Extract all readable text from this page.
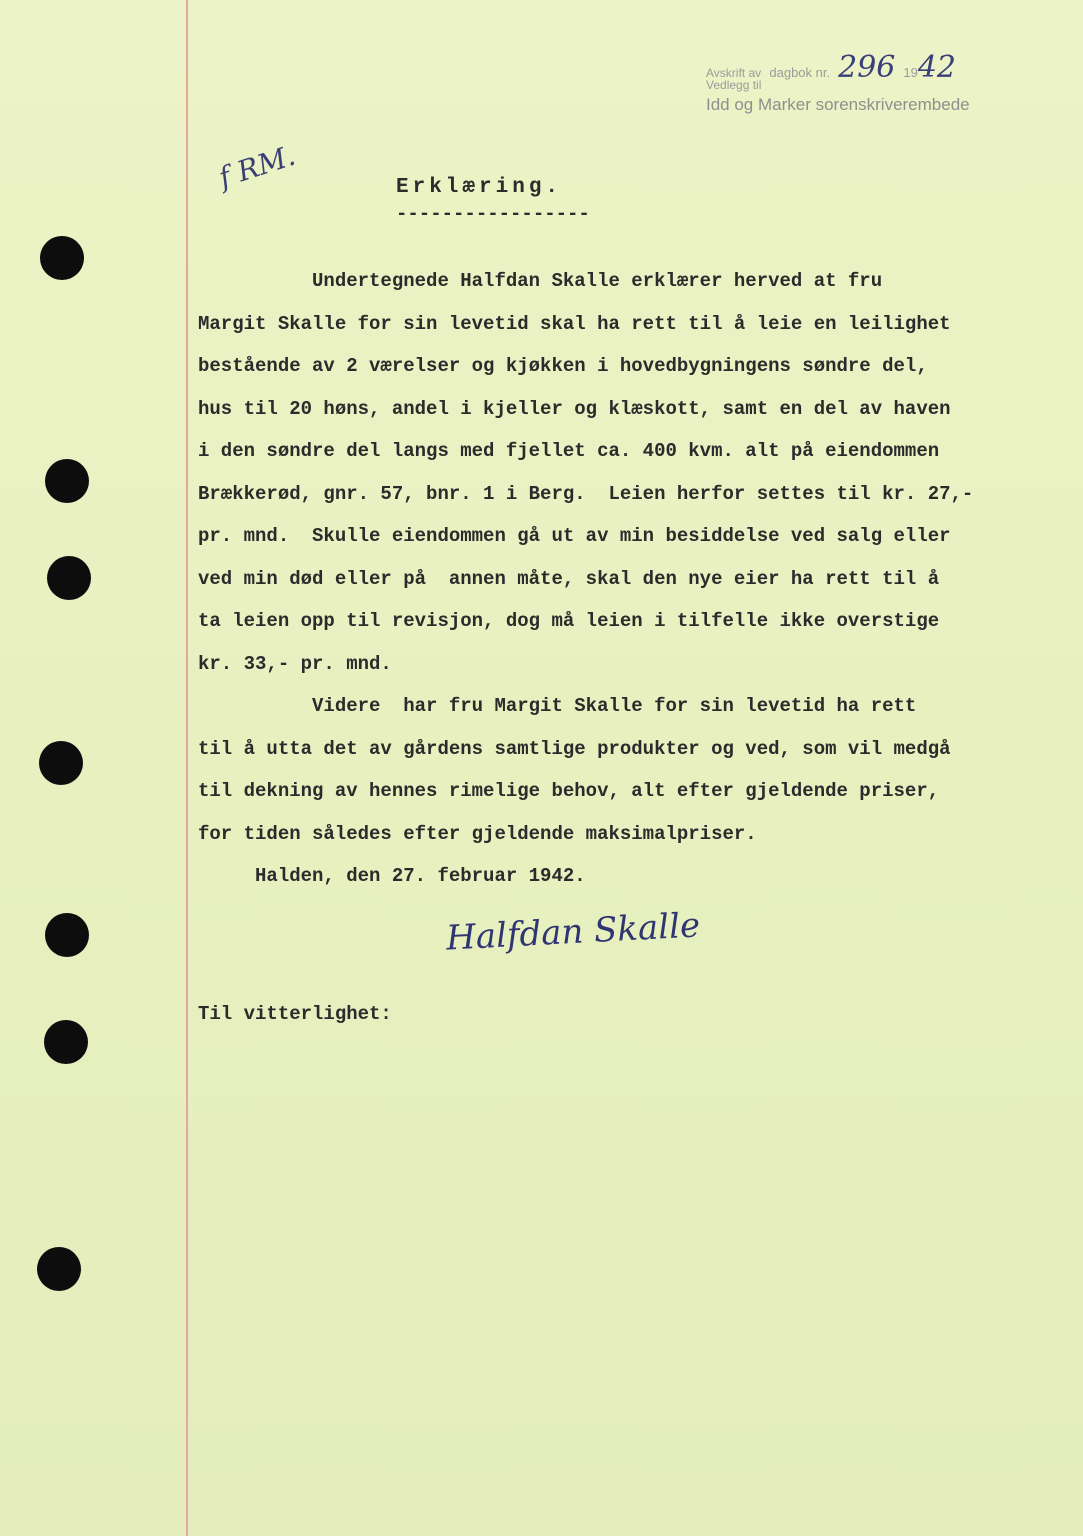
Avskrift av
Vedlegg til
dagbok nr. 296 19 42
Idd og Marker sorenskriverembede
f RM.	Erklæring.
-----------------

Undertegnede Halfdan Skalle erklærer herved at fru

Margit Skalle for sin levetid skal ha rett til å leie en leilighet

bestående av 2 værelser og kjøkken i hovedbygningens søndre del,

hus til 20 høns, andel i kjeller og klæskott, samt en del av haven

i den søndre del langs med fjellet ca. 400 kvm. alt på eiendommen

Brækkerød, gnr. 57, bnr. 1 i Berg.  Leien herfor settes til kr. 27,-

pr. mnd.  Skulle eiendommen gå ut av min besiddelse ved salg eller

ved min død eller på  annen måte, skal den nye eier ha rett til å

ta leien opp til revisjon, dog må leien i tilfelle ikke overstige

kr. 33,- pr. mnd.

Videre  har fru Margit Skalle for sin levetid ha rett

til å utta det av gårdens samtlige produkter og ved, som vil medgå

til dekning av hennes rimelige behov, alt efter gjeldende priser,

for tiden således efter gjeldende maksimalpriser.

Halden, den 27. februar 1942.

Halfdan Skalle
Til vitterlighet:
